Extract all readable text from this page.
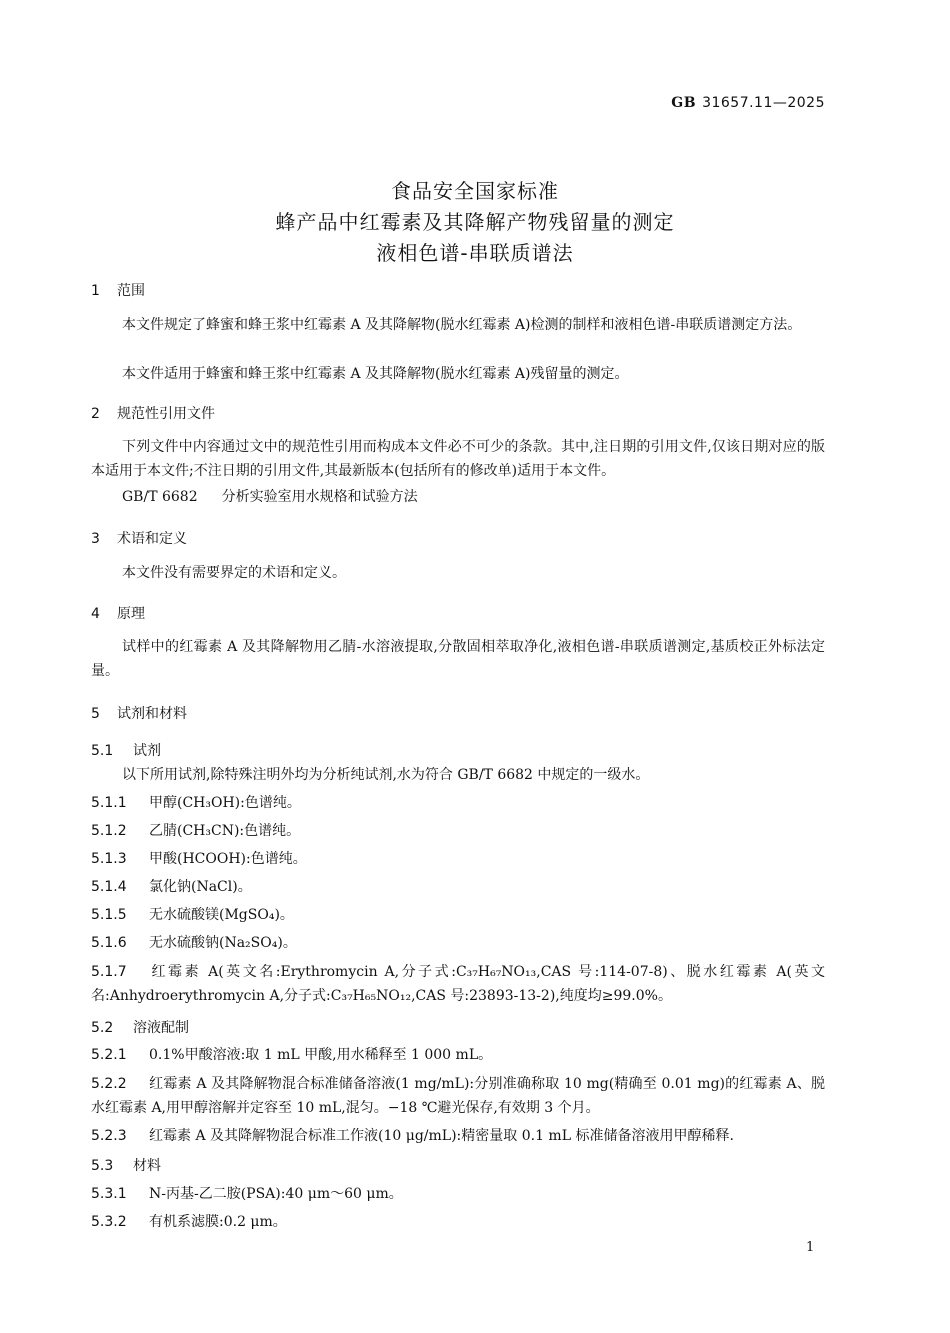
GB 31657.11—2025
食品安全国家标准
蜂产品中红霉素及其降解产物残留量的测定
液相色谱-串联质谱法
1 范围
本文件规定了蜂蜜和蜂王浆中红霉素 A 及其降解物(脱水红霉素 A)检测的制样和液相色谱-串联质谱测定方法。
本文件适用于蜂蜜和蜂王浆中红霉素 A 及其降解物(脱水红霉素 A)残留量的测定。
2 规范性引用文件
下列文件中内容通过文中的规范性引用而构成本文件必不可少的条款。其中,注日期的引用文件,仅该日期对应的版本适用于本文件;不注日期的引用文件,其最新版本(包括所有的修改单)适用于本文件。
GB/T 6682 分析实验室用水规格和试验方法
3 术语和定义
本文件没有需要界定的术语和定义。
4 原理
试样中的红霉素 A 及其降解物用乙腈-水溶液提取,分散固相萃取净化,液相色谱-串联质谱测定,基质校正外标法定量。
5 试剂和材料
5.1 试剂
以下所用试剂,除特殊注明外均为分析纯试剂,水为符合 GB/T 6682 中规定的一级水。
5.1.1 甲醇(CH₃OH):色谱纯。
5.1.2 乙腈(CH₃CN):色谱纯。
5.1.3 甲酸(HCOOH):色谱纯。
5.1.4 氯化钠(NaCl)。
5.1.5 无水硫酸镁(MgSO₄)。
5.1.6 无水硫酸钠(Na₂SO₄)。
5.1.7 红霉素 A(英文名:Erythromycin A,分子式:C₃₇H₆₇NO₁₃,CAS 号:114-07-8)、脱水红霉素 A(英文名:Anhydroerythromycin A,分子式:C₃₇H₆₅NO₁₂,CAS 号:23893-13-2),纯度均≥99.0%。
5.2 溶液配制
5.2.1 0.1%甲酸溶液:取 1 mL 甲酸,用水稀释至 1 000 mL。
5.2.2 红霉素 A 及其降解物混合标准储备溶液(1 mg/mL):分别准确称取 10 mg(精确至 0.01 mg)的红霉素 A、脱水红霉素 A,用甲醇溶解并定容至 10 mL,混匀。−18 ℃避光保存,有效期 3 个月。
5.2.3 红霉素 A 及其降解物混合标准工作液(10 μg/mL):精密量取 0.1 mL 标准储备溶液用甲醇稀释.
5.3 材料
5.3.1 N-丙基-乙二胺(PSA):40 μm～60 μm。
5.3.2 有机系滤膜:0.2 μm。
1
